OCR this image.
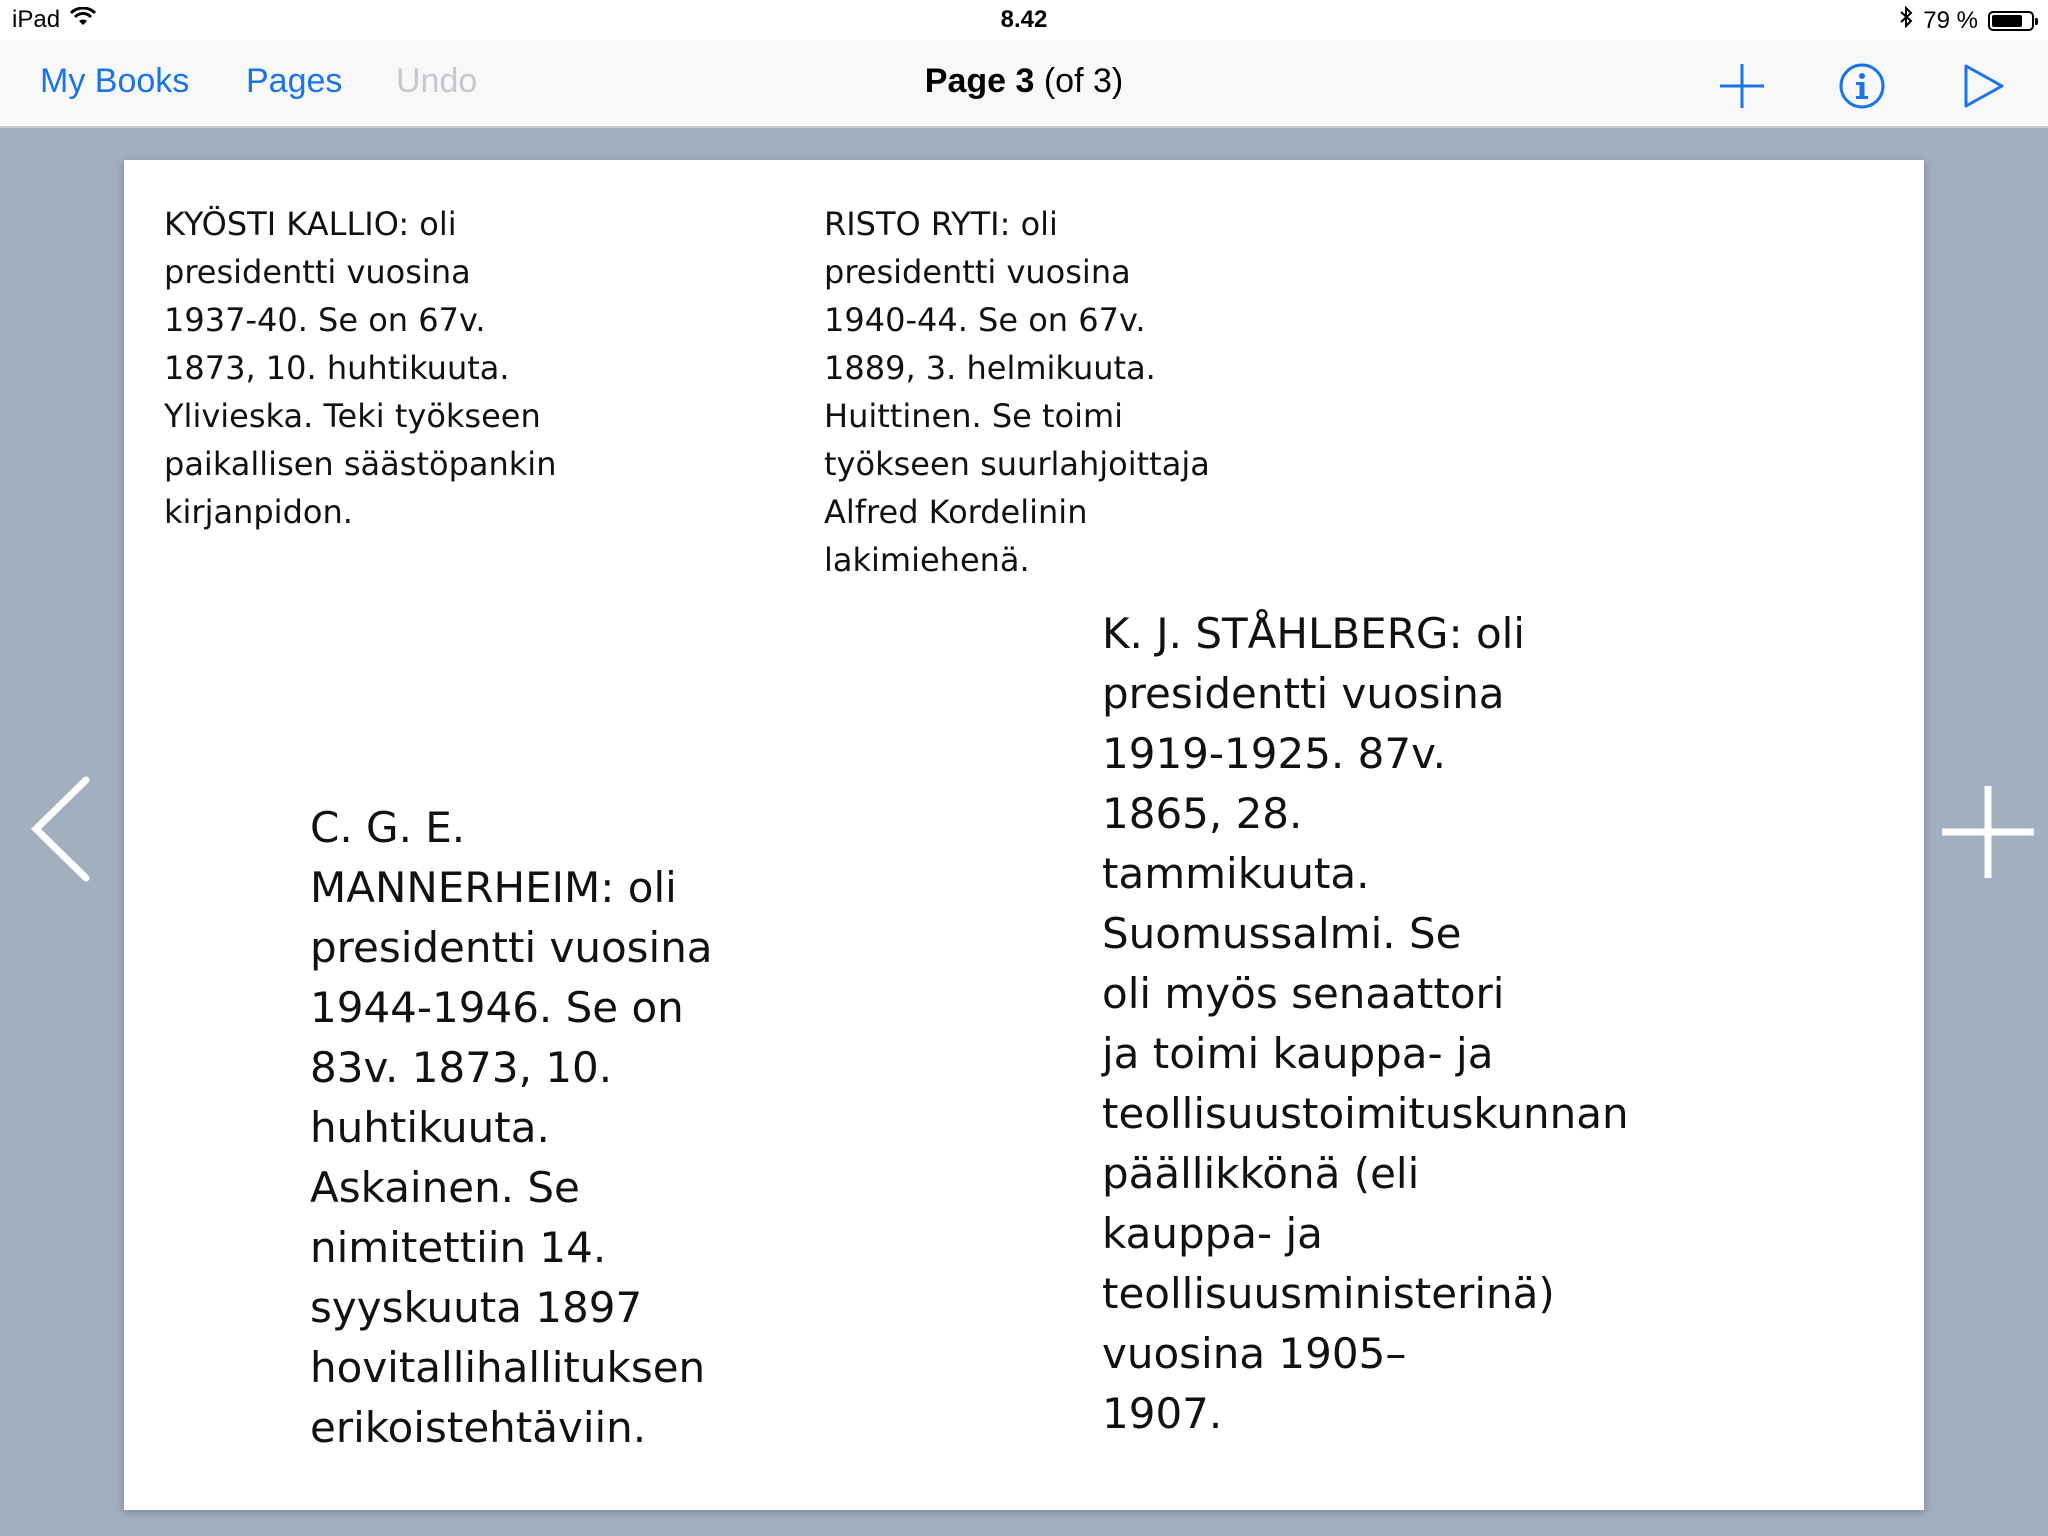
iPad	8.42	79 %
My Books Pages Undo	Page 3 (of 3)
KYÖSTI KALLIO: oli
presidentti vuosina
1937-40. Se on 67v.
1873, 10. huhtikuuta.
Ylivieska. Teki työkseen
paikallisen säästöpankin
kirjanpidon.
RISTO RYTI: oli
presidentti vuosina
1940-44. Se on 67v.
1889, 3. helmikuuta.
Huittinen. Se toimi
työkseen suurlahjoittaja
Alfred Kordelinin
lakimiehenä.
C. G. E.
MANNERHEIM: oli
presidentti vuosina
1944-1946. Se on
83v. 1873, 10.
huhtikuuta.
Askainen. Se
nimitettiin 14.
syyskuuta 1897
hovitallihallituksen
erikoistehtäviin.
K. J. STÅHLBERG: oli
presidentti vuosina
1919-1925. 87v.
1865, 28.
tammikuuta.
Suomussalmi. Se
oli myös senaattori
ja toimi kauppa- ja
teollisuustoimituskunnan
päällikkönä (eli
kauppa- ja
teollisuusministerinä)
vuosina 1905–
1907.
